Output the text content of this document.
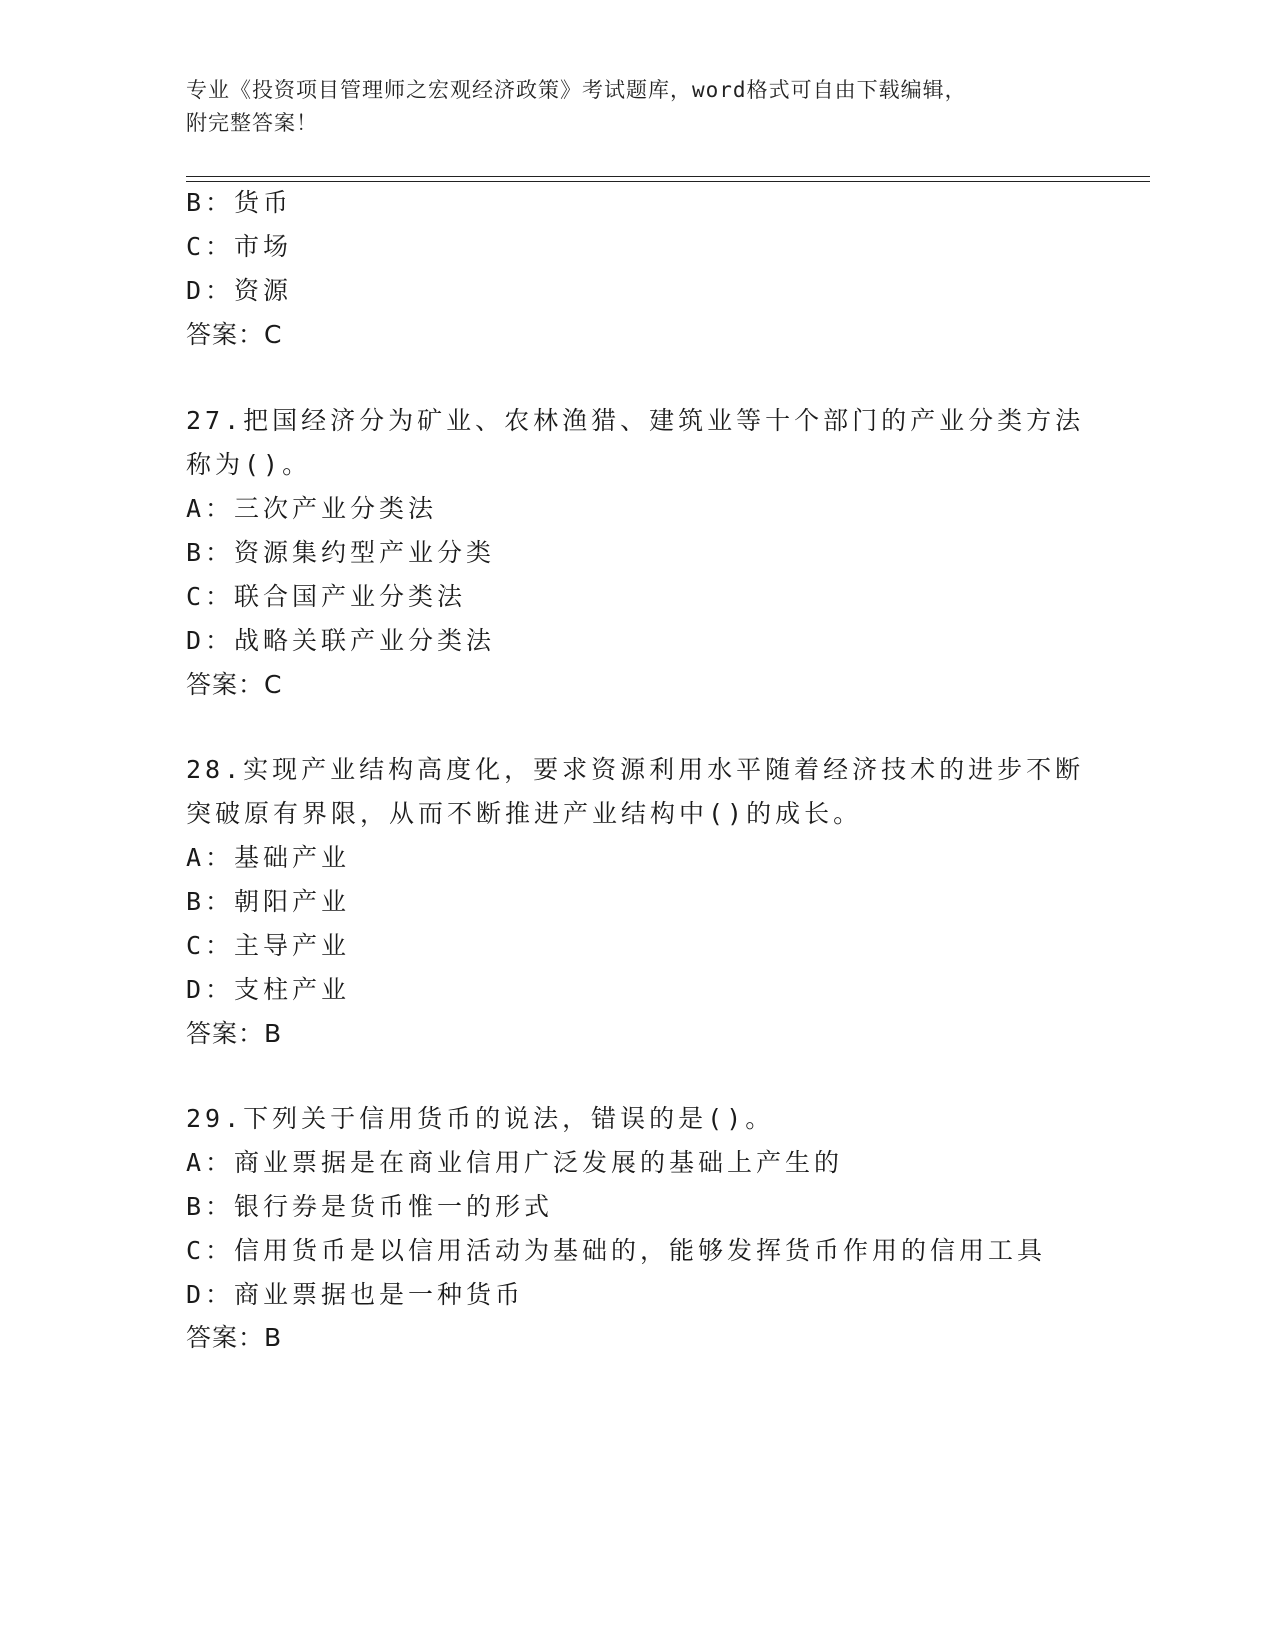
专业《投资项目管理师之宏观经济政策》考试题库，word格式可自由下载编辑，
附完整答案！
B：货币
C：市场
D：资源
答案：C
27.把国经济分为矿业、农林渔猎、建筑业等十个部门的产业分类方法
称为()。
A：三次产业分类法
B：资源集约型产业分类
C：联合国产业分类法
D：战略关联产业分类法
答案：C
28.实现产业结构高度化，要求资源利用水平随着经济技术的进步不断
突破原有界限，从而不断推进产业结构中()的成长。
A：基础产业
B：朝阳产业
C：主导产业
D：支柱产业
答案：B
29.下列关于信用货币的说法，错误的是()。
A：商业票据是在商业信用广泛发展的基础上产生的
B：银行券是货币惟一的形式
C：信用货币是以信用活动为基础的，能够发挥货币作用的信用工具
D：商业票据也是一种货币
答案：B
